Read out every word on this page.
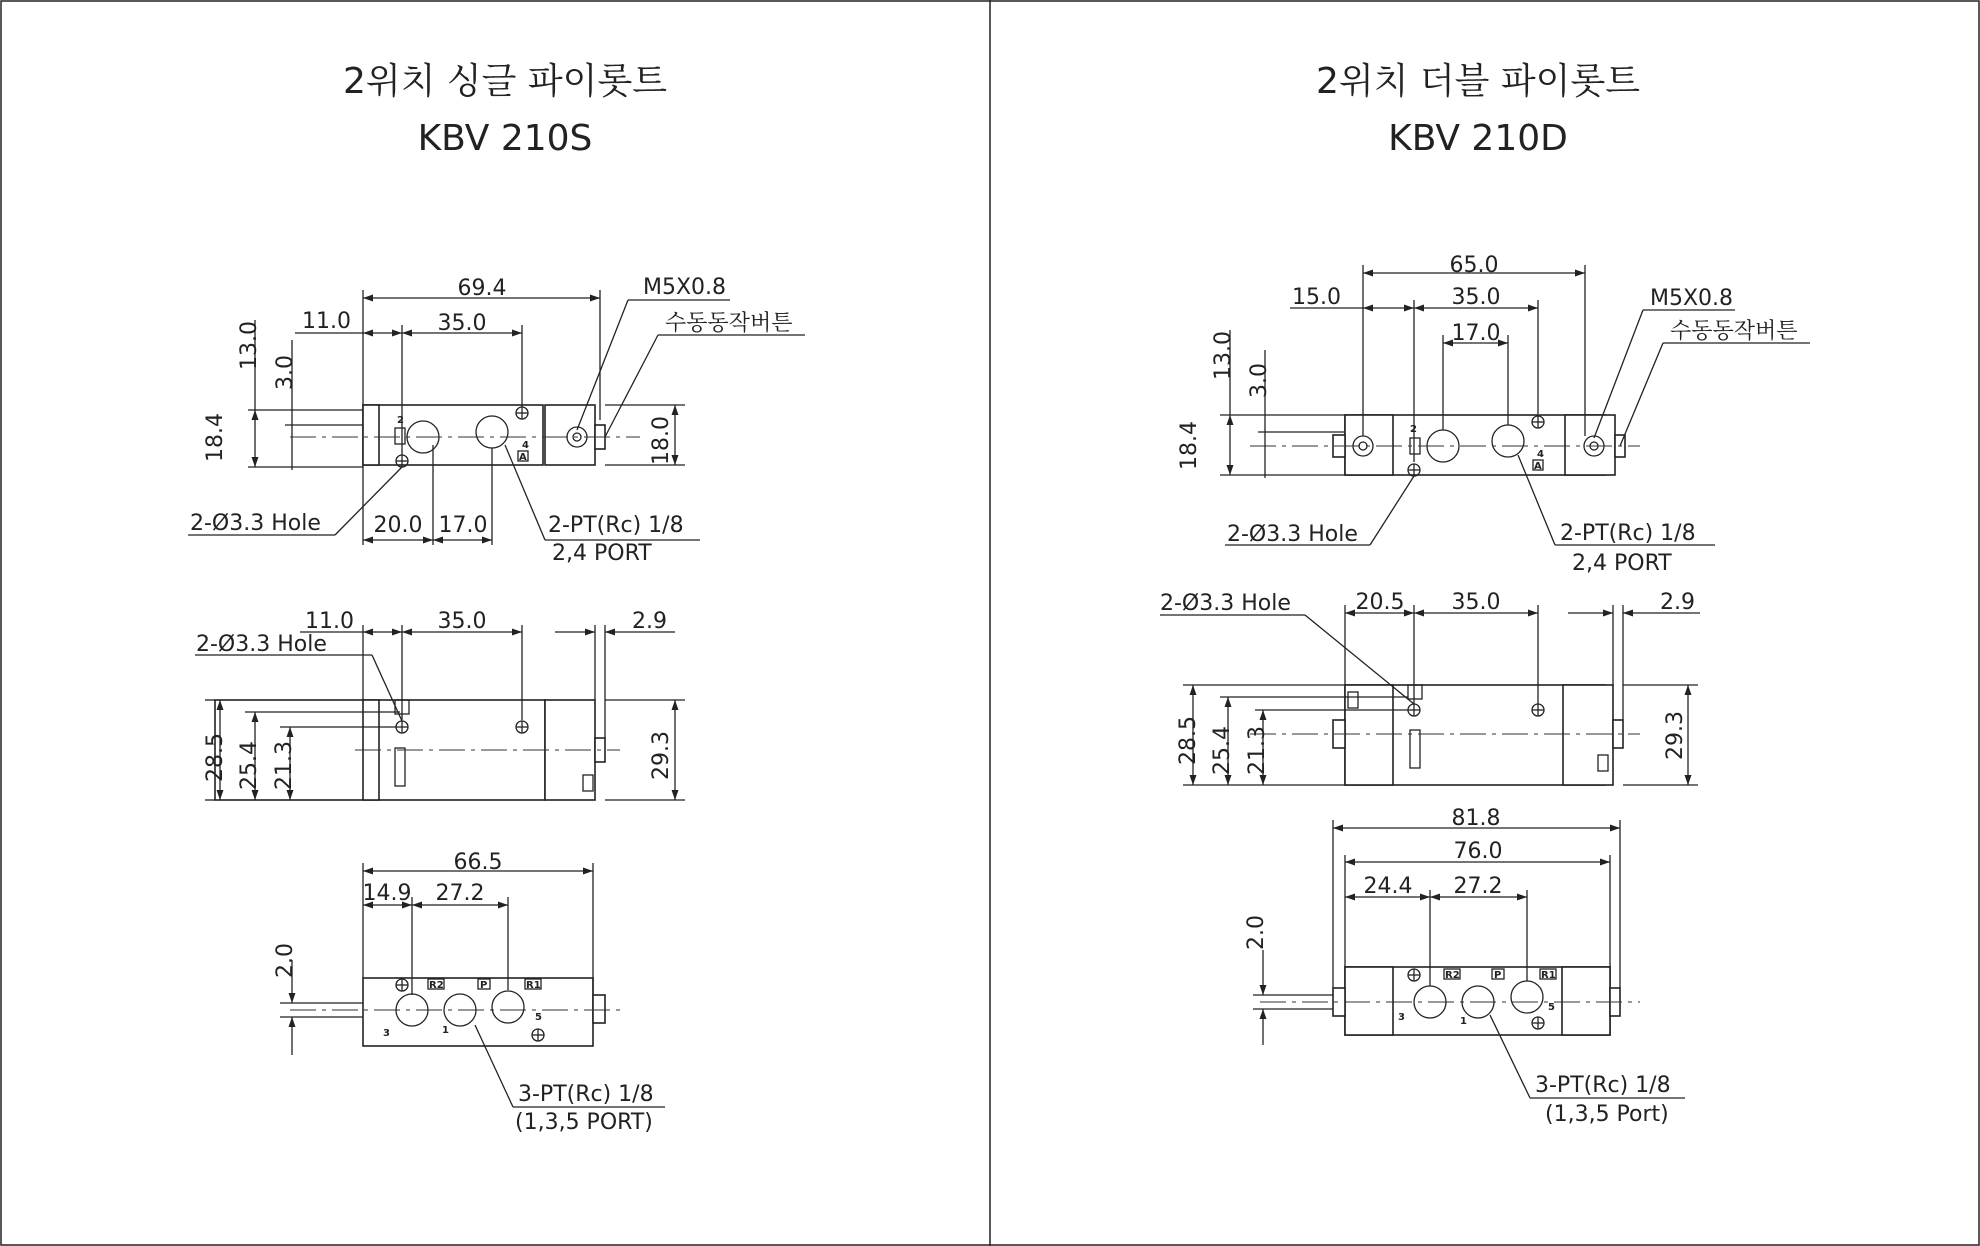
2위치 싱글 파이롯트
KBV 210S
2
4
A
69.4
11.0	35.0
13.0
18.4
3.0
18.0
M5X0.8
수동동작버튼
2-Ø3.3 Hole 20.0 17.0	2-PT(Rc) 1/8
2,4 PORT
11.0	35.0	2.9
2-Ø3.3 Hole
28.5 25.4 21.3	29.3
R2	P	R1
3	1
5
66.5
14.9 27.2
2.0
3-PT(Rc) 1/8
(1,3,5 PORT)
2위치 더블 파이롯트
KBV 210D
2
4
A
65.0
15.0	35.0
17.0
13.0
18.4
3.0
M5X0.8
수동동작버튼
2-Ø3.3 Hole	2-PT(Rc) 1/8
2,4 PORT
20.5 35.0	2.9
2-Ø3.3 Hole
28.5 25.4 21.3	29.3
R2	P	R1
3	1
5
81.8
76.0
24.4 27.2
2.0
3-PT(Rc) 1/8
(1,3,5 Port)
